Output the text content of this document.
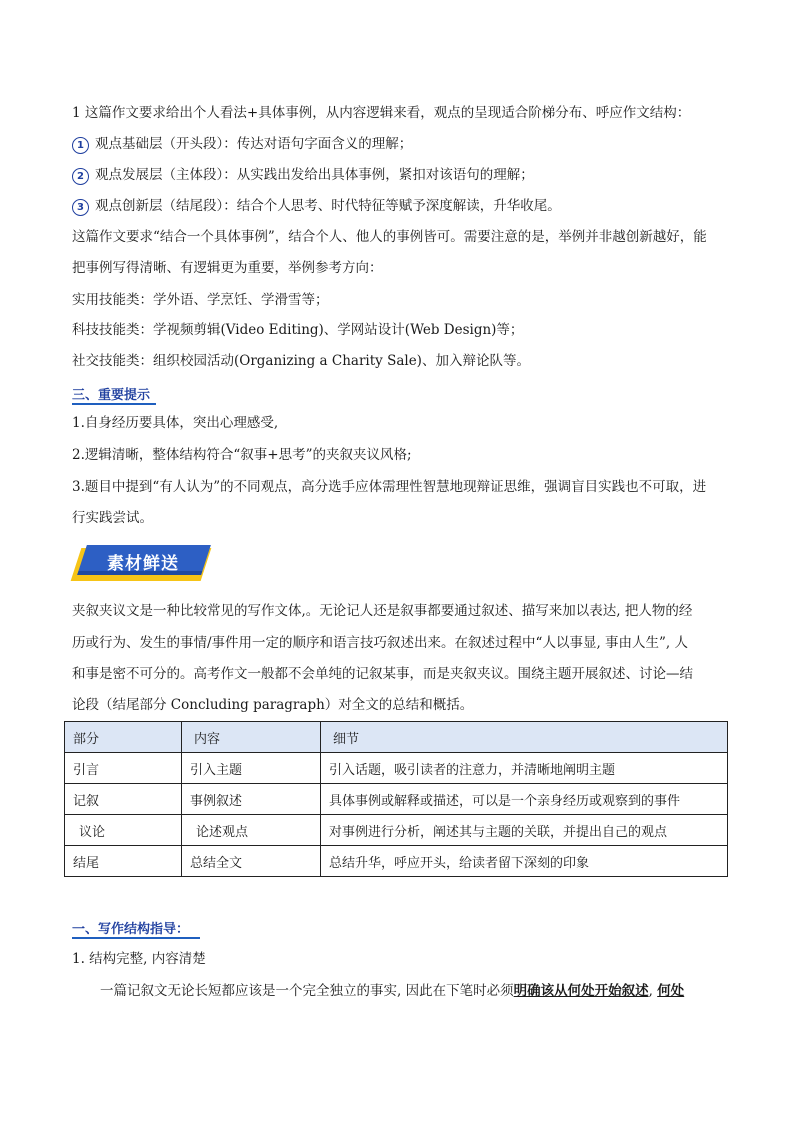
1 这篇作文要求给出个人看法+具体事例，从内容逻辑来看，观点的呈现适合阶梯分布、呼应作文结构：
1 观点基础层（开头段）：传达对语句字面含义的理解；
2 观点发展层（主体段）：从实践出发给出具体事例，紧扣对该语句的理解；
3 观点创新层（结尾段）：结合个人思考、时代特征等赋予深度解读，升华收尾。
这篇作文要求“结合一个具体事例”，结合个人、他人的事例皆可。需要注意的是，举例并非越创新越好，能
把事例写得清晰、有逻辑更为重要，举例参考方向：
实用技能类：学外语、学烹饪、学滑雪等；
科技技能类：学视频剪辑(Video Editing)、学网站设计(Web Design)等；
社交技能类：组织校园活动(Organizing a Charity Sale)、加入辩论队等。
三、重要提示
1.自身经历要具体，突出心理感受,
2.逻辑清晰，整体结构符合“叙事+思考”的夹叙夹议风格;
3.题目中提到“有人认为”的不同观点，高分选手应体需理性智慧地现辩证思维，强调盲目实践也不可取，进
行实践尝试。
素材鲜送
夹叙夹议文是一种比较常见的写作文体,。无论记人还是叙事都要通过叙述、描写来加以表达, 把人物的经
历或行为、发生的事情/事件用一定的顺序和语言技巧叙述出来。在叙述过程中“人以事显, 事由人生”, 人
和事是密不可分的。高考作文一般都不会单纯的记叙某事，而是夹叙夹议。围绕主题开展叙述、讨论—结
论段（结尾部分 Concluding paragraph）对全文的总结和概括。
部分	内容	细节
引言	引入主题	引入话题，吸引读者的注意力，并清晰地阐明主题
记叙	事例叙述	具体事例或解释或描述，可以是一个亲身经历或观察到的事件
议论	论述观点	对事例进行分析，阐述其与主题的关联，并提出自己的观点
结尾	总结全文	总结升华，呼应开头，给读者留下深刻的印象
一、写作结构指导：
1. 结构完整, 内容清楚
一篇记叙文无论长短都应该是一个完全独立的事实, 因此在下笔时必须明确该从何处开始叙述, 何处
